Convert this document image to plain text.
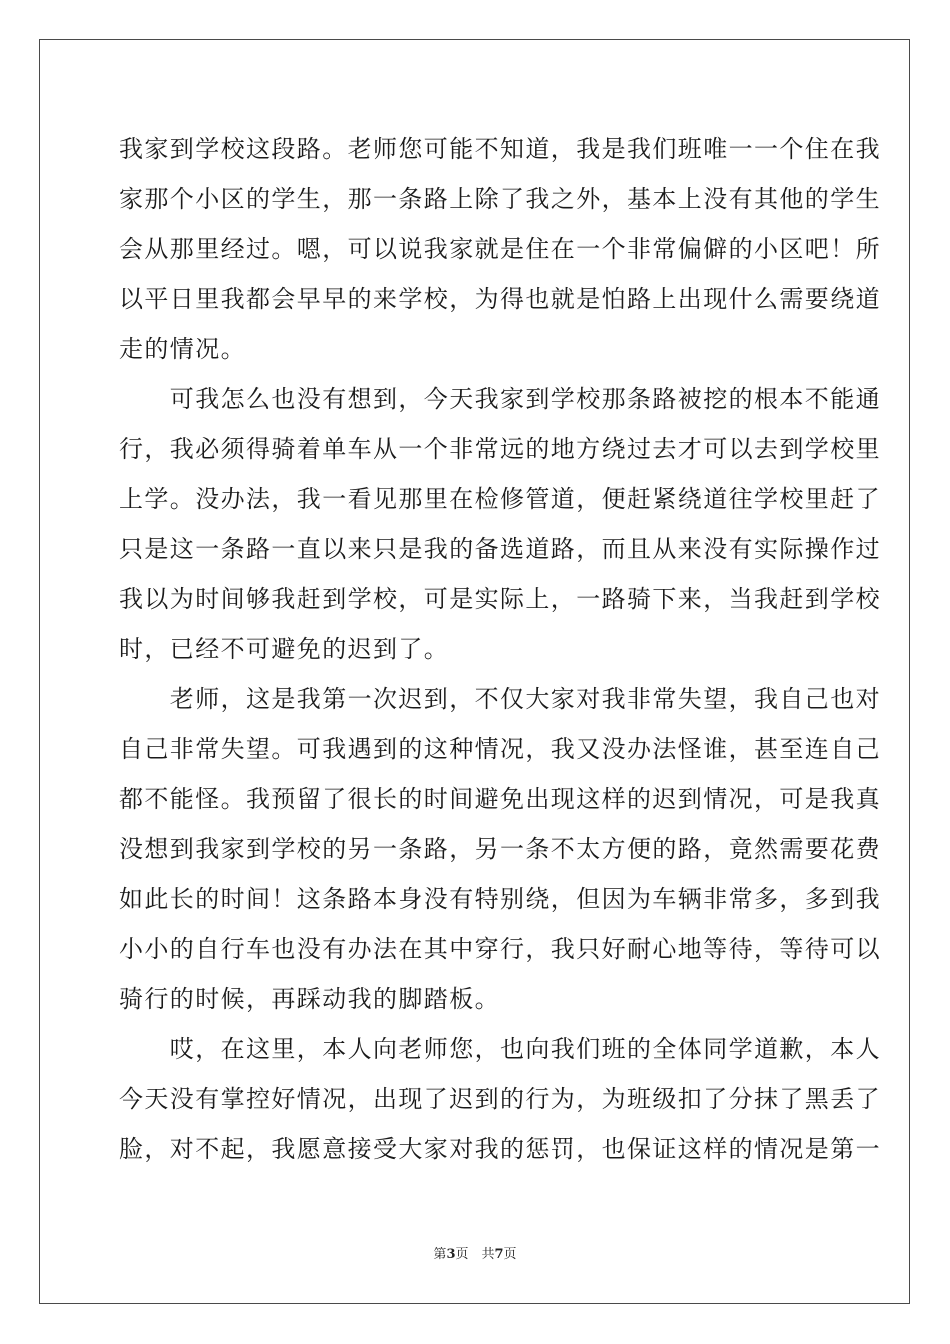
我家到学校这段路。老师您可能不知道，我是我们班唯一一个住在我
家那个小区的学生，那一条路上除了我之外，基本上没有其他的学生
会从那里经过。嗯，可以说我家就是住在一个非常偏僻的小区吧！所
以平日里我都会早早的来学校，为得也就是怕路上出现什么需要绕道
走的情况。
　　可我怎么也没有想到，今天我家到学校那条路被挖的根本不能通
行，我必须得骑着单车从一个非常远的地方绕过去才可以去到学校里
上学。没办法，我一看见那里在检修管道，便赶紧绕道往学校里赶了
只是这一条路一直以来只是我的备选道路，而且从来没有实际操作过
我以为时间够我赶到学校，可是实际上，一路骑下来，当我赶到学校
时，已经不可避免的迟到了。
　　老师，这是我第一次迟到，不仅大家对我非常失望，我自己也对
自己非常失望。可我遇到的这种情况，我又没办法怪谁，甚至连自己
都不能怪。我预留了很长的时间避免出现这样的迟到情况，可是我真
没想到我家到学校的另一条路，另一条不太方便的路，竟然需要花费
如此长的时间！这条路本身没有特别绕，但因为车辆非常多，多到我
小小的自行车也没有办法在其中穿行，我只好耐心地等待，等待可以
骑行的时候，再踩动我的脚踏板。
　　哎，在这里，本人向老师您，也向我们班的全体同学道歉，本人
今天没有掌控好情况，出现了迟到的行为，为班级扣了分抹了黑丢了
脸，对不起，我愿意接受大家对我的惩罚，也保证这样的情况是第一
第3页　共7页
